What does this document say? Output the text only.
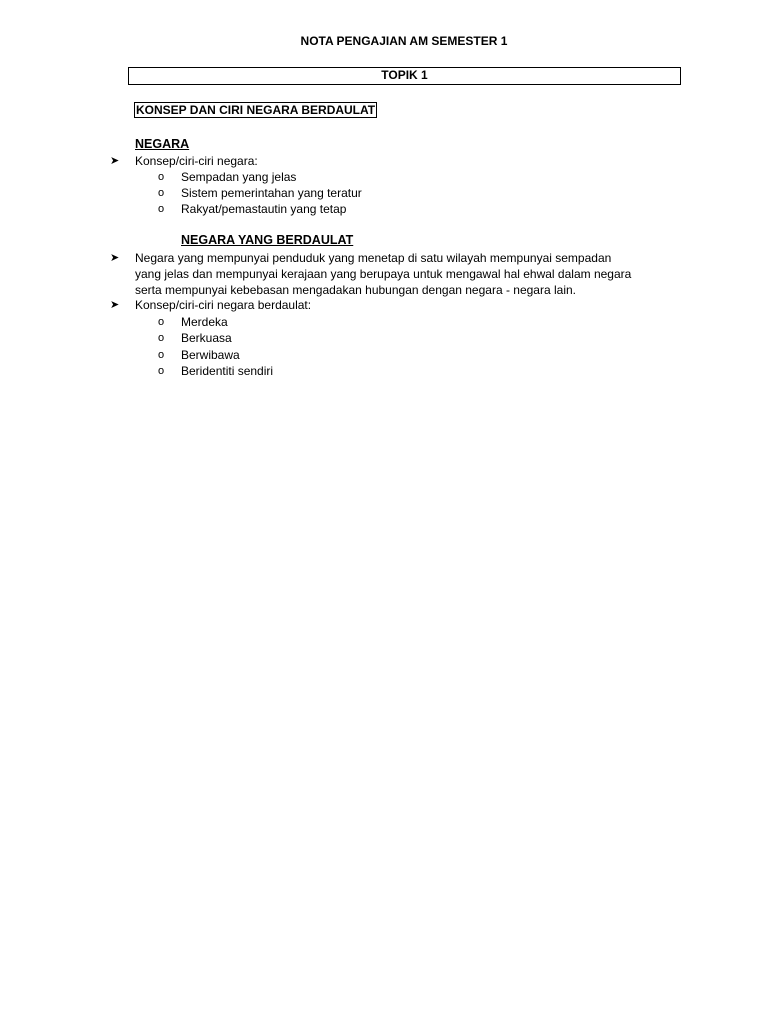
NOTA PENGAJIAN AM SEMESTER 1
TOPIK 1
KONSEP DAN CIRI NEGARA BERDAULAT
NEGARA
➤ Konsep/ciri-ciri negara:
o Sempadan yang jelas
o Sistem pemerintahan yang teratur
o Rakyat/pemastautin yang tetap
NEGARA YANG BERDAULAT
➤ Negara yang mempunyai penduduk yang menetap di satu wilayah mempunyai sempadan
yang jelas dan mempunyai kerajaan yang berupaya untuk mengawal hal ehwal dalam negara
serta mempunyai kebebasan mengadakan hubungan dengan negara - negara lain.
➤ Konsep/ciri-ciri negara berdaulat:
o Merdeka
o Berkuasa
o Berwibawa
o Beridentiti sendiri
